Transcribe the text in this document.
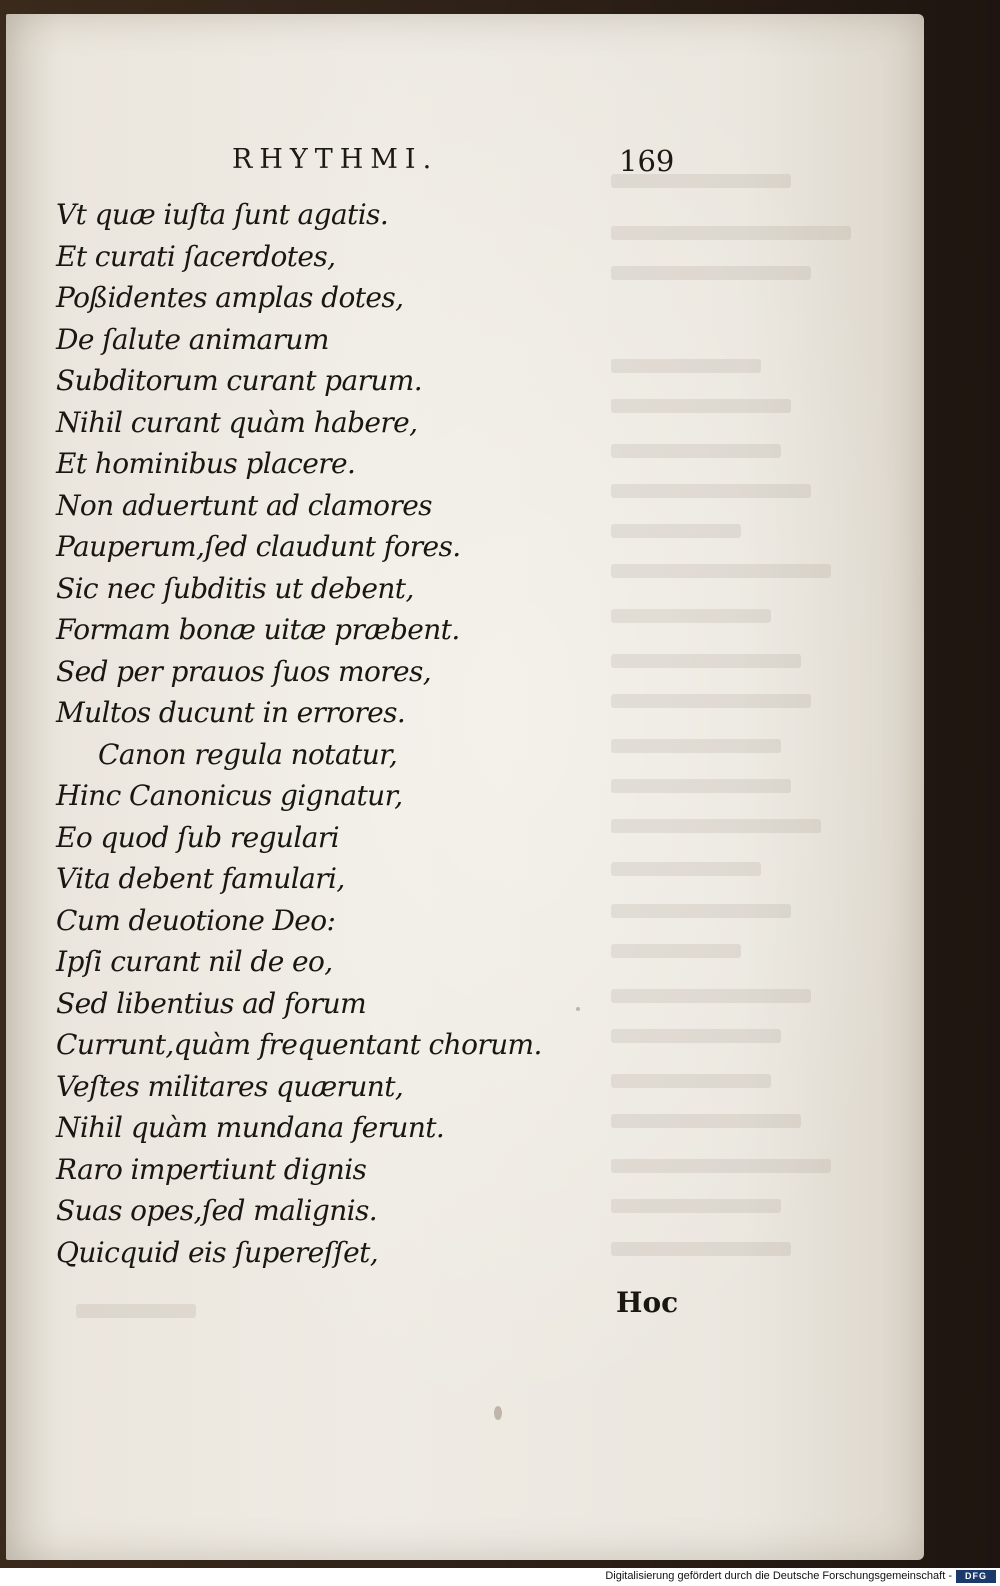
RHYTHMI.	169
Vt quæ iuſta ſunt agatis.
Et curati ſacerdotes,
Poßidentes amplas dotes,
De ſalute animarum
Subditorum curant parum.
Nihil curant quàm habere,
Et hominibus placere.
Non aduertunt ad clamores
Pauperum,ſed claudunt fores.
Sic nec ſubditis ut debent,
Formam bonæ uitæ præbent.
Sed per prauos ſuos mores,
Multos ducunt in errores.
Canon regula notatur,
Hinc Canonicus gignatur,
Eo quod ſub regulari
Vita debent famulari,
Cum deuotione Deo:
Ipſi curant nil de eo,
Sed libentius ad forum
Currunt,quàm frequentant chorum.
Veſtes militares quærunt,
Nihil quàm mundana ferunt.
Raro impertiunt dignis
Suas opes,ſed malignis.
Quicquid eis ſupereſſet,
Hoc
Digitalisierung gefördert durch die Deutsche Forschungsgemeinschaft -	DFG
